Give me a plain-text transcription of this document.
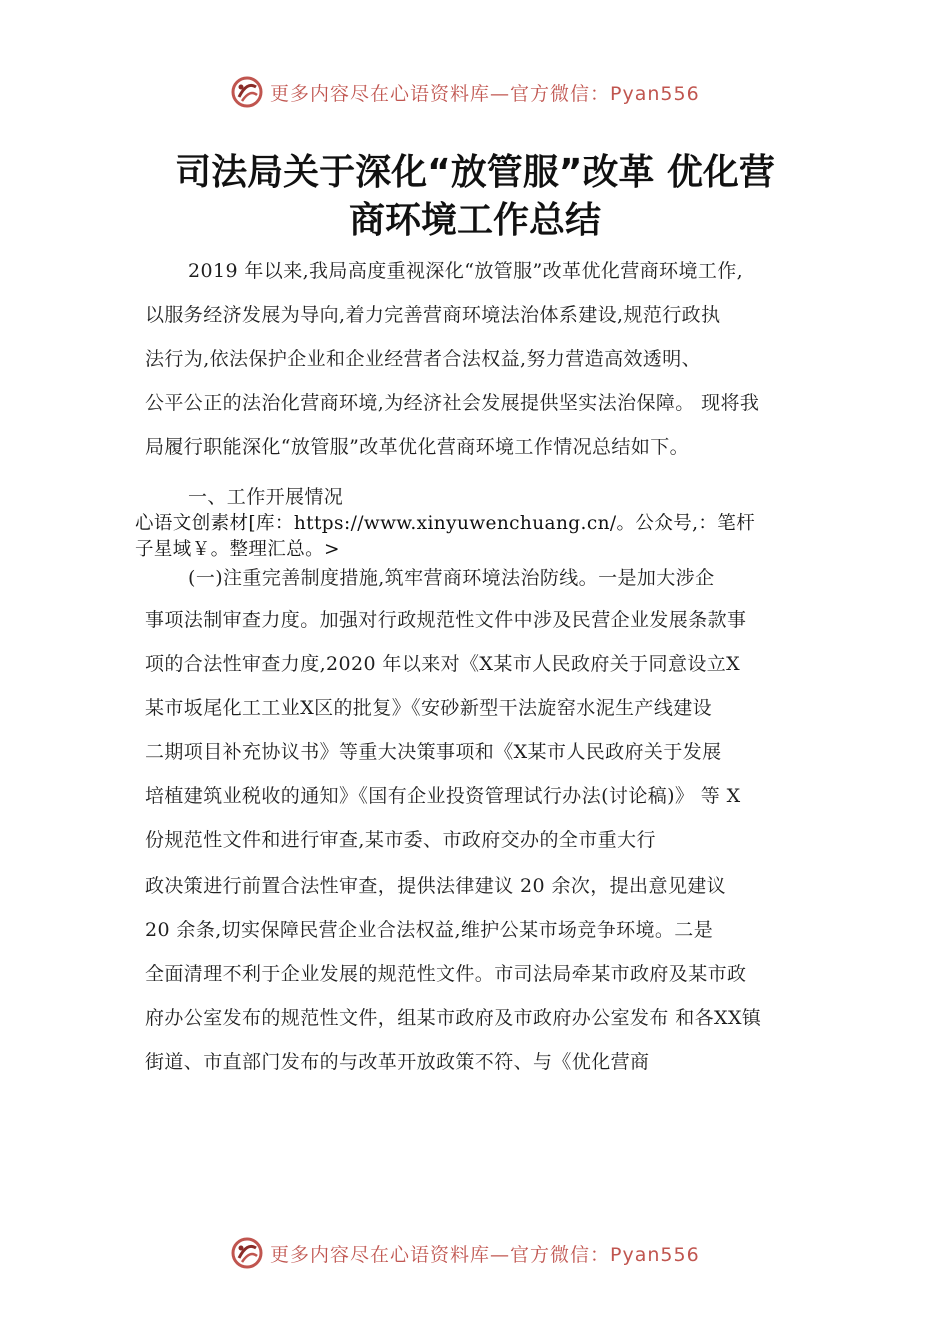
更多内容尽在心语资料库—官方微信：Pyan556
司法局关于深化“放管服”改革 优化营
商环境工作总结
2019 年以来,我局高度重视深化“放管服”改革优化营商环境工作,
以服务经济发展为导向,着力完善营商环境法治体系建设,规范行政执
法行为,依法保护企业和企业经营者合法权益,努力营造高效透明、
公平公正的法治化营商环境,为经济社会发展提供坚实法治保障。 现将我
局履行职能深化“放管服”改革优化营商环境工作情况总结如下。
一、工作开展情况
心语文创素材[库：https://www.xinyuwenchuang.cn/。公众号,：笔杆
子星域￥。整理汇总。>
(一)注重完善制度措施,筑牢营商环境法治防线。一是加大涉企
事项法制审查力度。加强对行政规范性文件中涉及民营企业发展条款事
项的合法性审查力度,2020 年以来对《X某市人民政府关于同意设立X
某市坂尾化工工业X区的批复》《安砂新型干法旋窑水泥生产线建设
二期项目补充协议书》等重大决策事项和《X某市人民政府关于发展
培植建筑业税收的通知》《国有企业投资管理试行办法(讨论稿)》 等 X
份规范性文件和进行审查,某市委、市政府交办的全市重大行
政决策进行前置合法性审查，提供法律建议 20 余次，提出意见建议
20 余条,切实保障民营企业合法权益,维护公某市场竞争环境。二是
全面清理不利于企业发展的规范性文件。市司法局牵某市政府及某市政
府办公室发布的规范性文件，组某市政府及市政府办公室发布 和各XX镇
街道、市直部门发布的与改革开放政策不符、与《优化营商
更多内容尽在心语资料库—官方微信：Pyan556
